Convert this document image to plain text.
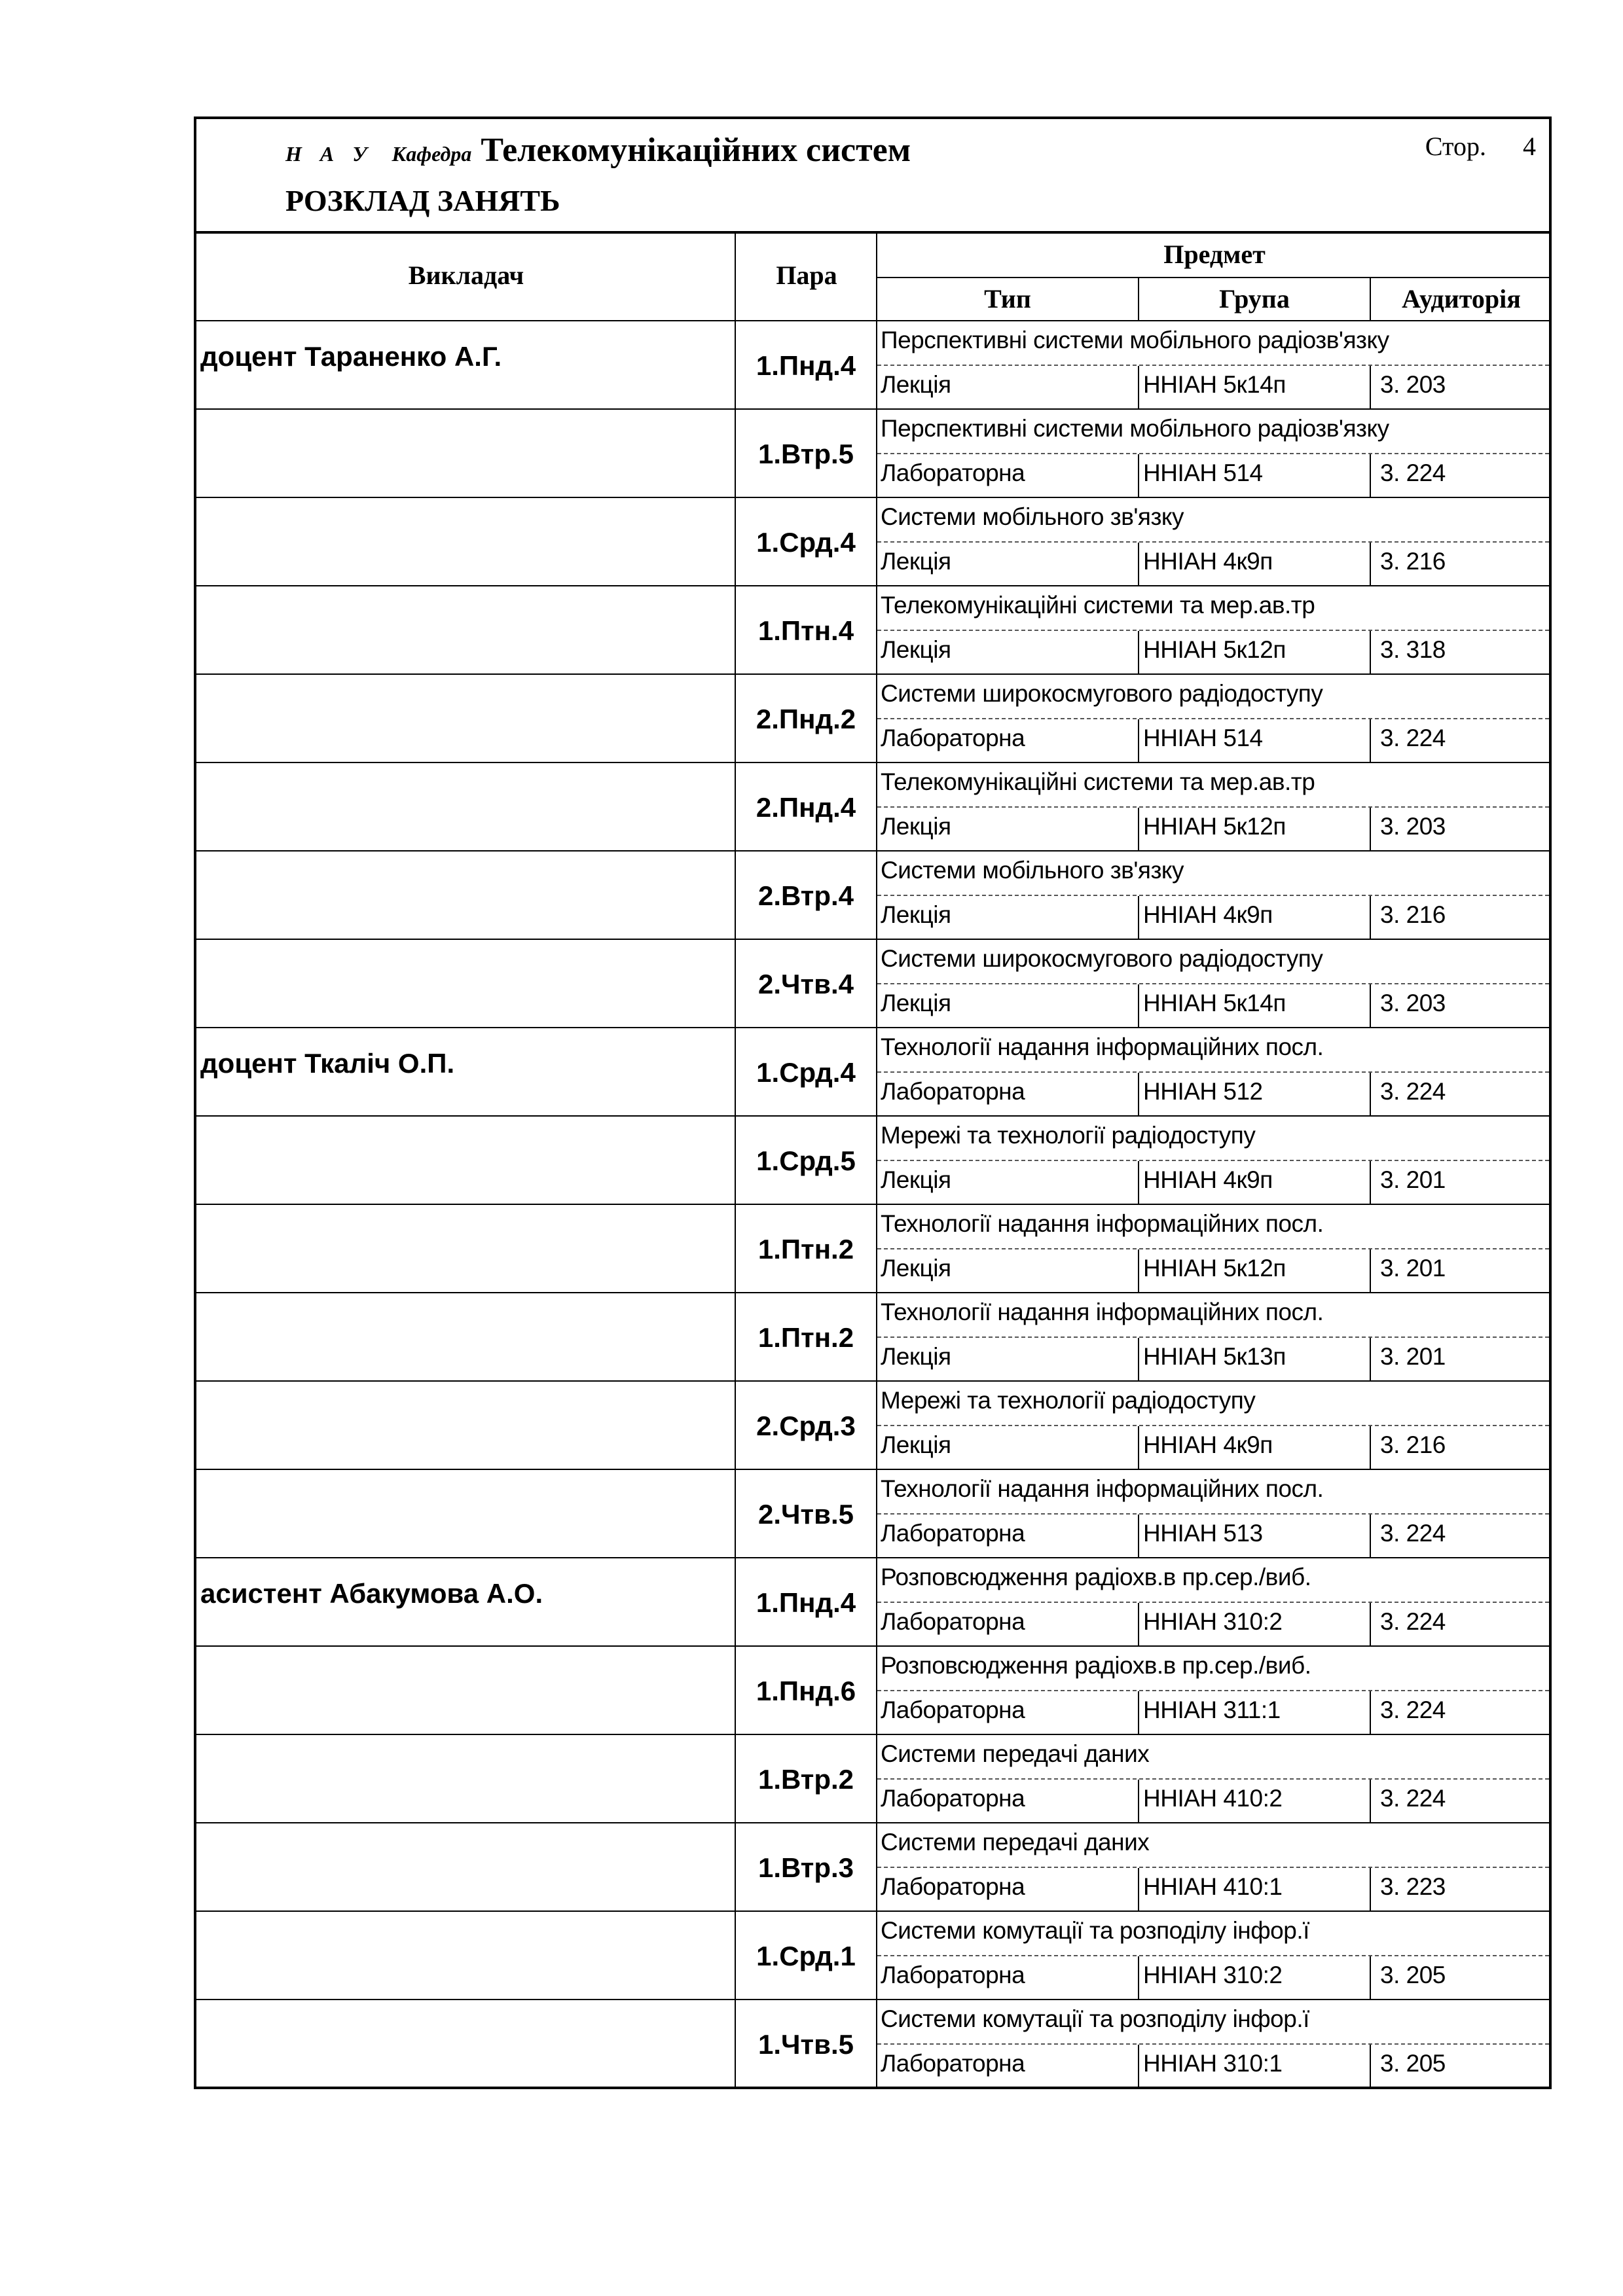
Н А У Кафедра Телекомунікаційних систем
РОЗКЛАД ЗАНЯТЬ
Стор. 4
Викладач	Пара
Предмет
Тип	Група	Аудиторія
доцент Тараненко А.Г.	1.Пнд.4
Перспективні системи мобільного радіозв'язку
Лекція	ННІАН 5к14п	3. 203
1.Втр.5
Перспективні системи мобільного радіозв'язку
Лабораторна	ННІАН 514	3. 224
1.Срд.4
Системи мобільного зв'язку
Лекція	ННІАН 4к9п	3. 216
1.Птн.4
Телекомунікаційні системи та мер.ав.тр
Лекція	ННІАН 5к12п	3. 318
2.Пнд.2
Системи широкосмугового радіодоступу
Лабораторна	ННІАН 514	3. 224
2.Пнд.4
Телекомунікаційні системи та мер.ав.тр
Лекція	ННІАН 5к12п	3. 203
2.Втр.4
Системи мобільного зв'язку
Лекція	ННІАН 4к9п	3. 216
2.Чтв.4
Системи широкосмугового радіодоступу
Лекція	ННІАН 5к14п	3. 203
доцент Ткаліч О.П.	1.Срд.4
Технології надання інформаційних посл.
Лабораторна	ННІАН 512	3. 224
1.Срд.5
Мережі та технології радіодоступу
Лекція	ННІАН 4к9п	3. 201
1.Птн.2
Технології надання інформаційних посл.
Лекція	ННІАН 5к12п	3. 201
1.Птн.2
Технології надання інформаційних посл.
Лекція	ННІАН 5к13п	3. 201
2.Срд.3
Мережі та технології радіодоступу
Лекція	ННІАН 4к9п	3. 216
2.Чтв.5
Технології надання інформаційних посл.
Лабораторна	ННІАН 513	3. 224
асистент Абакумова А.О.	1.Пнд.4
Розповсюдження радіохв.в пр.сер./виб.
Лабораторна	ННІАН 310:2	3. 224
1.Пнд.6
Розповсюдження радіохв.в пр.сер./виб.
Лабораторна	ННІАН 311:1	3. 224
1.Втр.2
Системи передачі даних
Лабораторна	ННІАН 410:2	3. 224
1.Втр.3
Системи передачі даних
Лабораторна	ННІАН 410:1	3. 223
1.Срд.1
Системи комутації та розподілу інфор.ї
Лабораторна	ННІАН 310:2	3. 205
1.Чтв.5
Системи комутації та розподілу інфор.ї
Лабораторна	ННІАН 310:1	3. 205
